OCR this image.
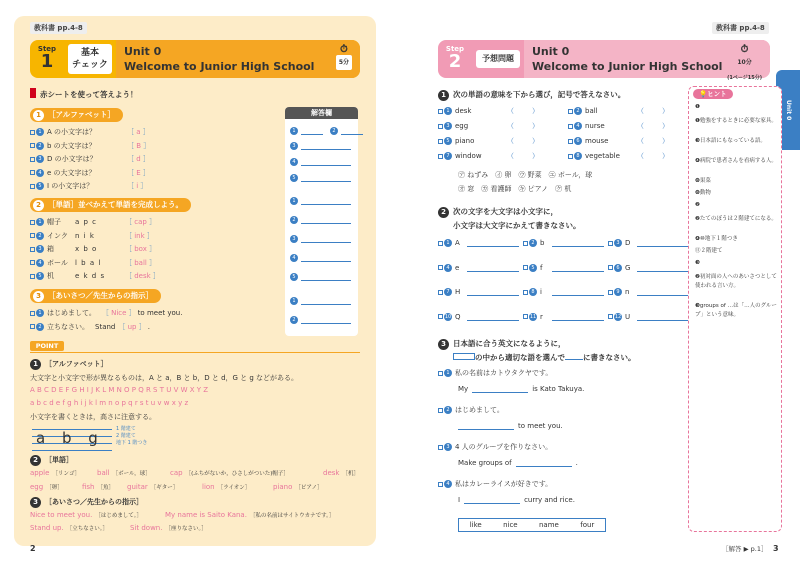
教科書 pp.4-8
Step
1	基本
チェック
Unit 0
Welcome to Junior High School
⏱
5分
赤シートを使って答えよう！
1 ［アルファベット］
1 A の小文字は？	［ a ］
2 b の大文字は？	［ B ］
3 D の小文字は？	［ d ］
4 e の大文字は？	［ E ］
5 I の小文字は？	［ i ］
2 ［単語］並べかえて単語を完成しよう。
1 帽子	a p c	［ cap ］
2 インク	n i k	［ ink ］
3 箱	x b o	［ box ］
4 ボール	l b a l	［ ball ］
5 机	e k d s	［ desk ］
3 ［あいさつ／先生からの指示］
1 はじめまして。 ［ Nice ］ to meet you.
2 立ちなさい。 Stand ［ up ］ .
解答欄
1	2
3
4
5
1
2
3
4
5
1
2
POINT
1 ［アルファベット］
大文字と小文字で形が異なるものは，A と a，B と b，D と d，G と g などがある。
A B C D E F G H I J K L M N O P Q R S T U V W X Y Z
a b c d e f g h i j k l m n o p q r s t u v w x y z
小文字を書くときは，高さに注意する。
a b g 1 階建て
2 階建て
地下 1 階つき
2 ［単語］
apple ［リンゴ］ ball ［ボール，球］	cap ［(ふちがないか，ひさしがついた)帽子］	desk ［机］
egg ［卵］	fish ［魚］ guitar ［ギター］	lion ［ライオン］	piano ［ピアノ］
3 ［あいさつ／先生からの指示］
Nice to meet you. ［はじめまして。］	My name is Saito Kana. ［私の名前はサイトウカナです。］
Stand up. ［立ちなさい。］	Sit down. ［座りなさい。］
2
教科書 pp.4-8
Unit 0
Step
2	予想問題
Unit 0
Welcome to Junior High School
⏱
10分
(1ページ15分)
1 次の単語の意味を下から選び，記号で答えなさい。
1 desk	（）	2 ball	（）
3 egg	（）	4 nurse	（）
5 piano	（）	6 mouse	（）
7 window	（）	8 vegetable	（）
㋐ ねずみ　㋑ 卵　㋒ 野菜　㋓ ボール，球
㋔ 窓　㋕ 看護師　㋖ ピアノ　㋗ 机
2 次の文字を大文字は小文字に，
小文字は大文字にかえて書きなさい。
1 A	2 b	3 D
4 e	5 f	6 G
7 H	8 i	9 n
10 Q	11 r	12 U
3 日本語に合う英文になるように，
の中から適切な語を選んで に書きなさい。
1 私の名前はカトウタクヤです。
My	is Kato Takuya.
2 はじめまして。
to meet you.
3 4 人のグループを作りなさい。
Make groups of	.
4 私はカレーライスが好きです。
I	curry and rice.
like	nice	name	four
💡ヒント
❶
❶勉強をするときに必要な家具。
❸日本語にもなっている語。
❹病院で患者さんを看病する人。
❽果菜
❽動物
❷
❷たてのぼうは２階建てになる。
❹⑩地下１階つき
⑪２階建て
❸
❷初対面の人へのあいさつとして使われる言い方。
❸groups of …は「…人のグループ」という意味。
［解答 ▶ p.1］ 3
